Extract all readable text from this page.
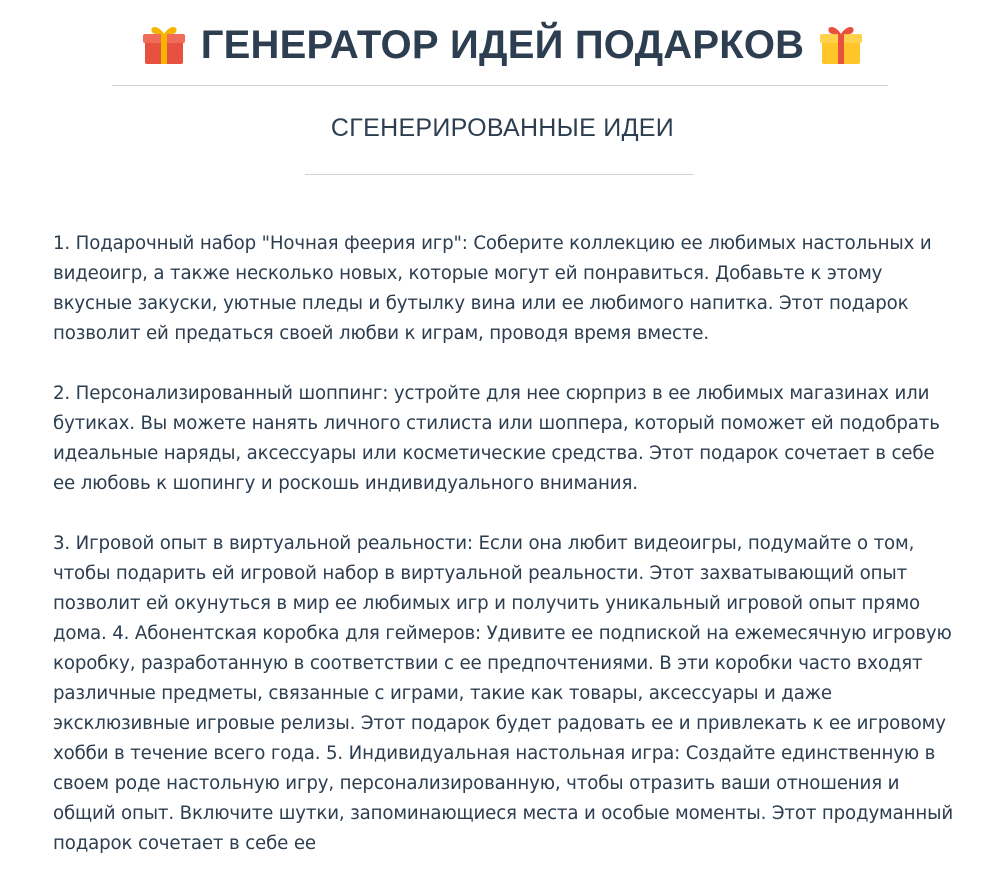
ГЕНЕРАТОР ИДЕЙ ПОДАРКОВ
СГЕНЕРИРОВАННЫЕ ИДЕИ

1. Подарочный набор "Ночная феерия игр": Соберите коллекцию ее любимых настольных и видеоигр, а также несколько новых, которые могут ей понравиться. Добавьте к этому вкусные закуски, уютные пледы и бутылку вина или ее любимого напитка. Этот подарок позволит ей предаться своей любви к играм, проводя время вместе.

2. Персонализированный шоппинг: устройте для нее сюрприз в ее любимых магазинах или бутиках. Вы можете нанять личного стилиста или шоппера, который поможет ей подобрать идеальные наряды, аксессуары или косметические средства. Этот подарок сочетает в себе ее любовь к шопингу и роскошь индивидуального внимания.

3. Игровой опыт в виртуальной реальности: Если она любит видеоигры, подумайте о том, чтобы подарить ей игровой набор в виртуальной реальности. Этот захватывающий опыт позволит ей окунуться в мир ее любимых игр и получить уникальный игровой опыт прямо дома. 4. Абонентская коробка для геймеров: Удивите ее подпиской на ежемесячную игровую коробку, разработанную в соответствии с ее предпочтениями. В эти коробки часто входят различные предметы, связанные с играми, такие как товары, аксессуары и даже эксклюзивные игровые релизы. Этот подарок будет радовать ее и привлекать к ее игровому хобби в течение всего года. 5. Индивидуальная настольная игра: Создайте единственную в своем роде настольную игру, персонализированную, чтобы отразить ваши отношения и общий опыт. Включите шутки, запоминающиеся места и особые моменты. Этот продуманный подарок сочетает в себе ее
